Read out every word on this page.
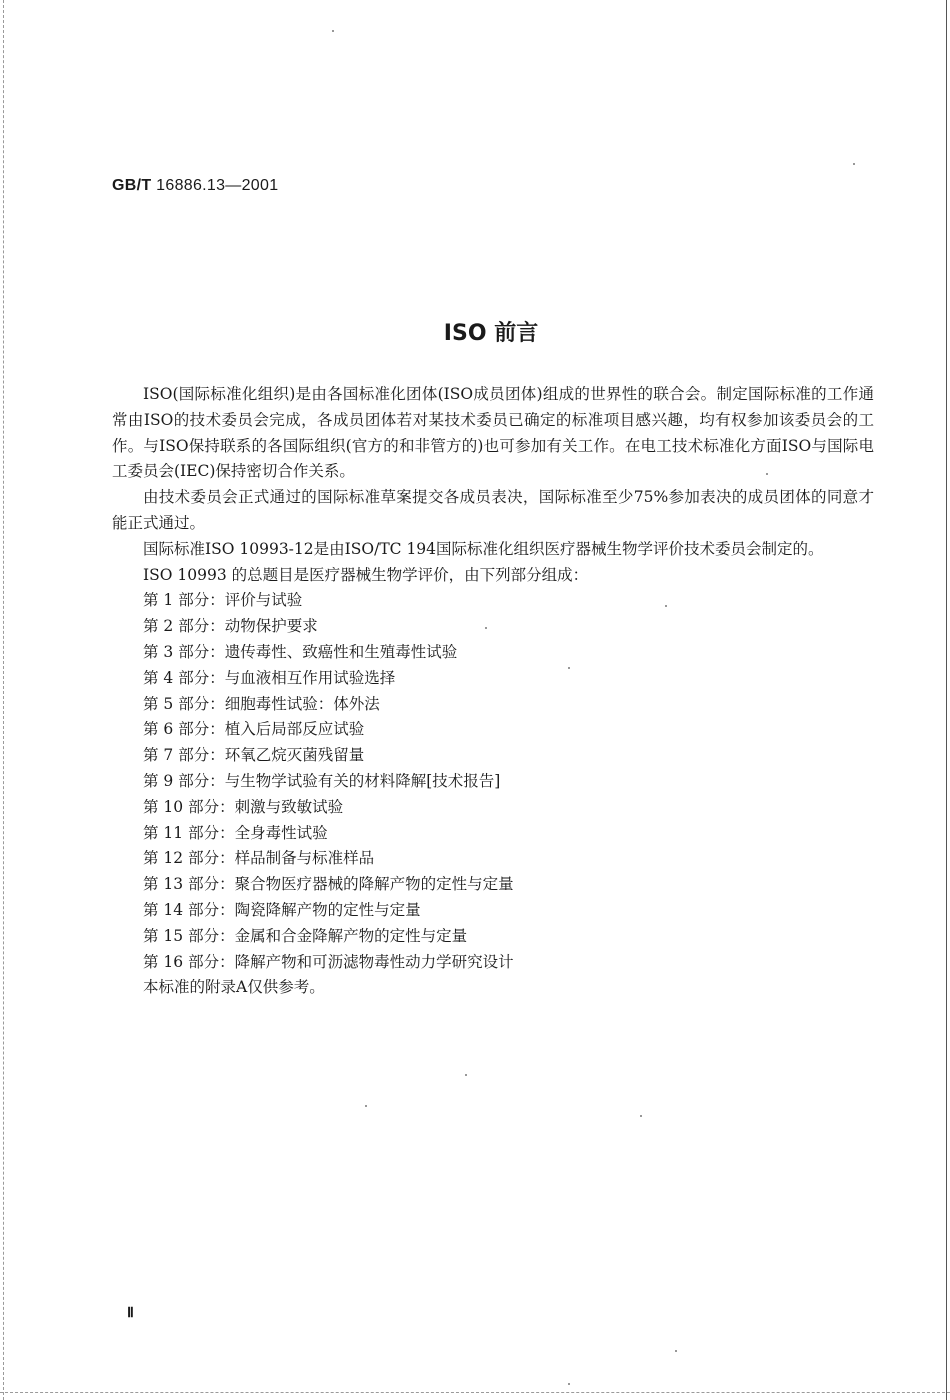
GB/T 16886.13—2001
ISO 前言

ISO(国际标准化组织)是由各国标准化团体(ISO成员团体)组成的世界性的联合会。制定国际标准的工作通常由ISO的技术委员会完成，各成员团体若对某技术委员已确定的标准项目感兴趣，均有权参加该委员会的工作。与ISO保持联系的各国际组织(官方的和非管方的)也可参加有关工作。在电工技术标准化方面ISO与国际电工委员会(IEC)保持密切合作关系。

由技术委员会正式通过的国际标准草案提交各成员表决，国际标准至少75%参加表决的成员团体的同意才能正式通过。

国际标准ISO 10993-12是由ISO/TC 194国际标准化组织医疗器械生物学评价技术委员会制定的。

ISO 10993 的总题目是医疗器械生物学评价，由下列部分组成：

第 1 部分：评价与试验

第 2 部分：动物保护要求

第 3 部分：遗传毒性、致癌性和生殖毒性试验

第 4 部分：与血液相互作用试验选择

第 5 部分：细胞毒性试验：体外法

第 6 部分：植入后局部反应试验

第 7 部分：环氧乙烷灭菌残留量

第 9 部分：与生物学试验有关的材料降解[技术报告]

第 10 部分：刺激与致敏试验

第 11 部分：全身毒性试验

第 12 部分：样品制备与标准样品

第 13 部分：聚合物医疗器械的降解产物的定性与定量

第 14 部分：陶瓷降解产物的定性与定量

第 15 部分：金属和合金降解产物的定性与定量

第 16 部分：降解产物和可沥滤物毒性动力学研究设计

本标准的附录A仅供参考。

Ⅱ
